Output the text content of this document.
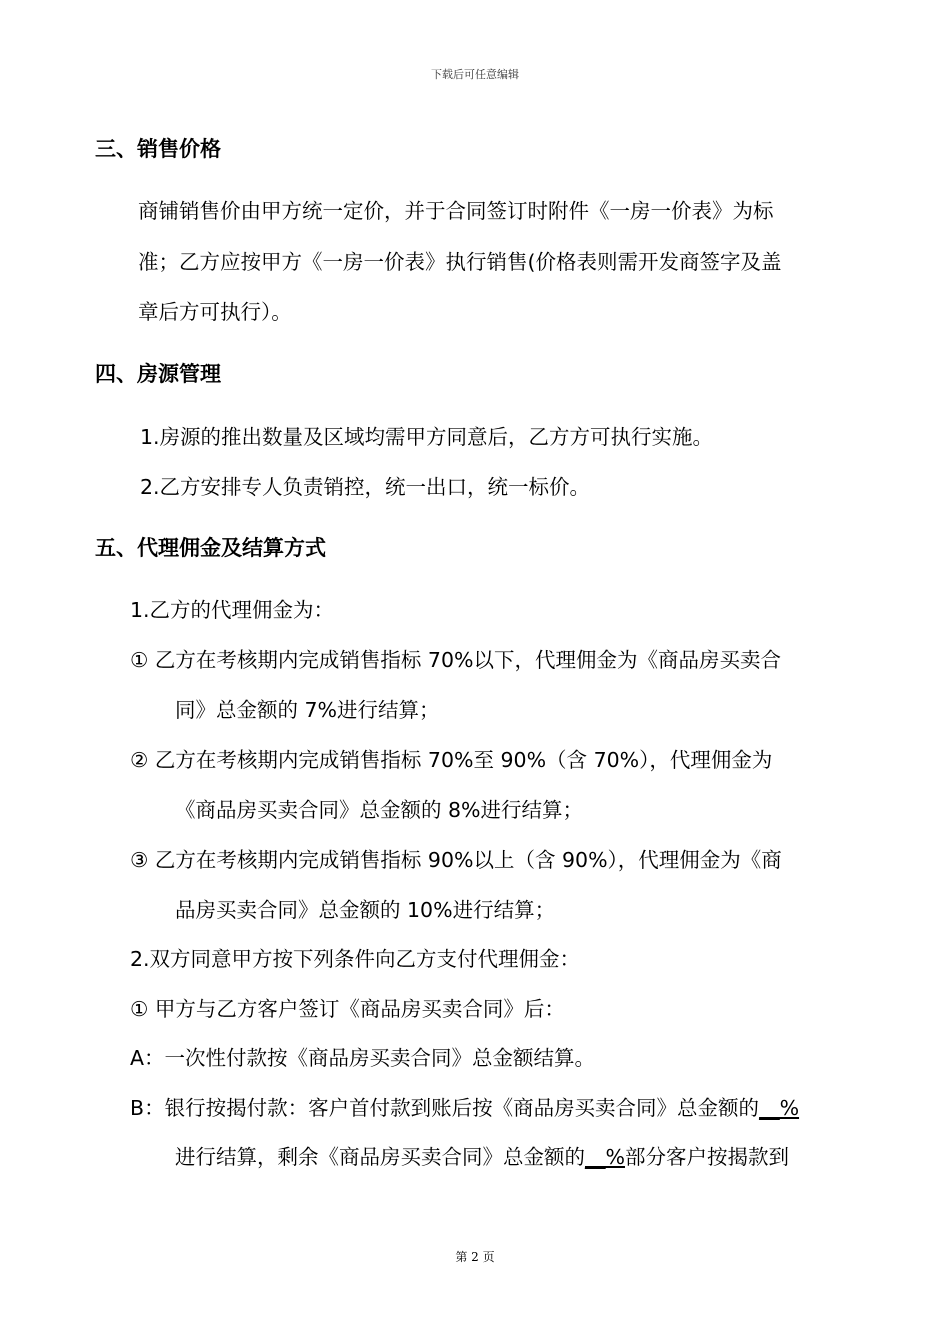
下载后可任意编辑
三、销售价格
商铺销售价由甲方统一定价，并于合同签订时附件《一房一价表》为标
准；乙方应按甲方《一房一价表》执行销售(价格表则需开发商签字及盖
章后方可执行）。
四、房源管理
1.房源的推出数量及区域均需甲方同意后，乙方方可执行实施。
2.乙方安排专人负责销控，统一出口，统一标价。
五、代理佣金及结算方式
1.乙方的代理佣金为：
① 乙方在考核期内完成销售指标 70%以下，代理佣金为《商品房买卖合
同》总金额的 7%进行结算；
② 乙方在考核期内完成销售指标 70%至 90%（含 70%），代理佣金为
《商品房买卖合同》总金额的 8%进行结算；
③ 乙方在考核期内完成销售指标 90%以上（含 90%），代理佣金为《商
品房买卖合同》总金额的 10%进行结算；
2.双方同意甲方按下列条件向乙方支付代理佣金：
① 甲方与乙方客户签订《商品房买卖合同》后：
A：一次性付款按《商品房买卖合同》总金额结算。
B：银行按揭付款：客户首付款到账后按《商品房买卖合同》总金额的__%
进行结算，剩余《商品房买卖合同》总金额的__%部分客户按揭款到
第 2 页
